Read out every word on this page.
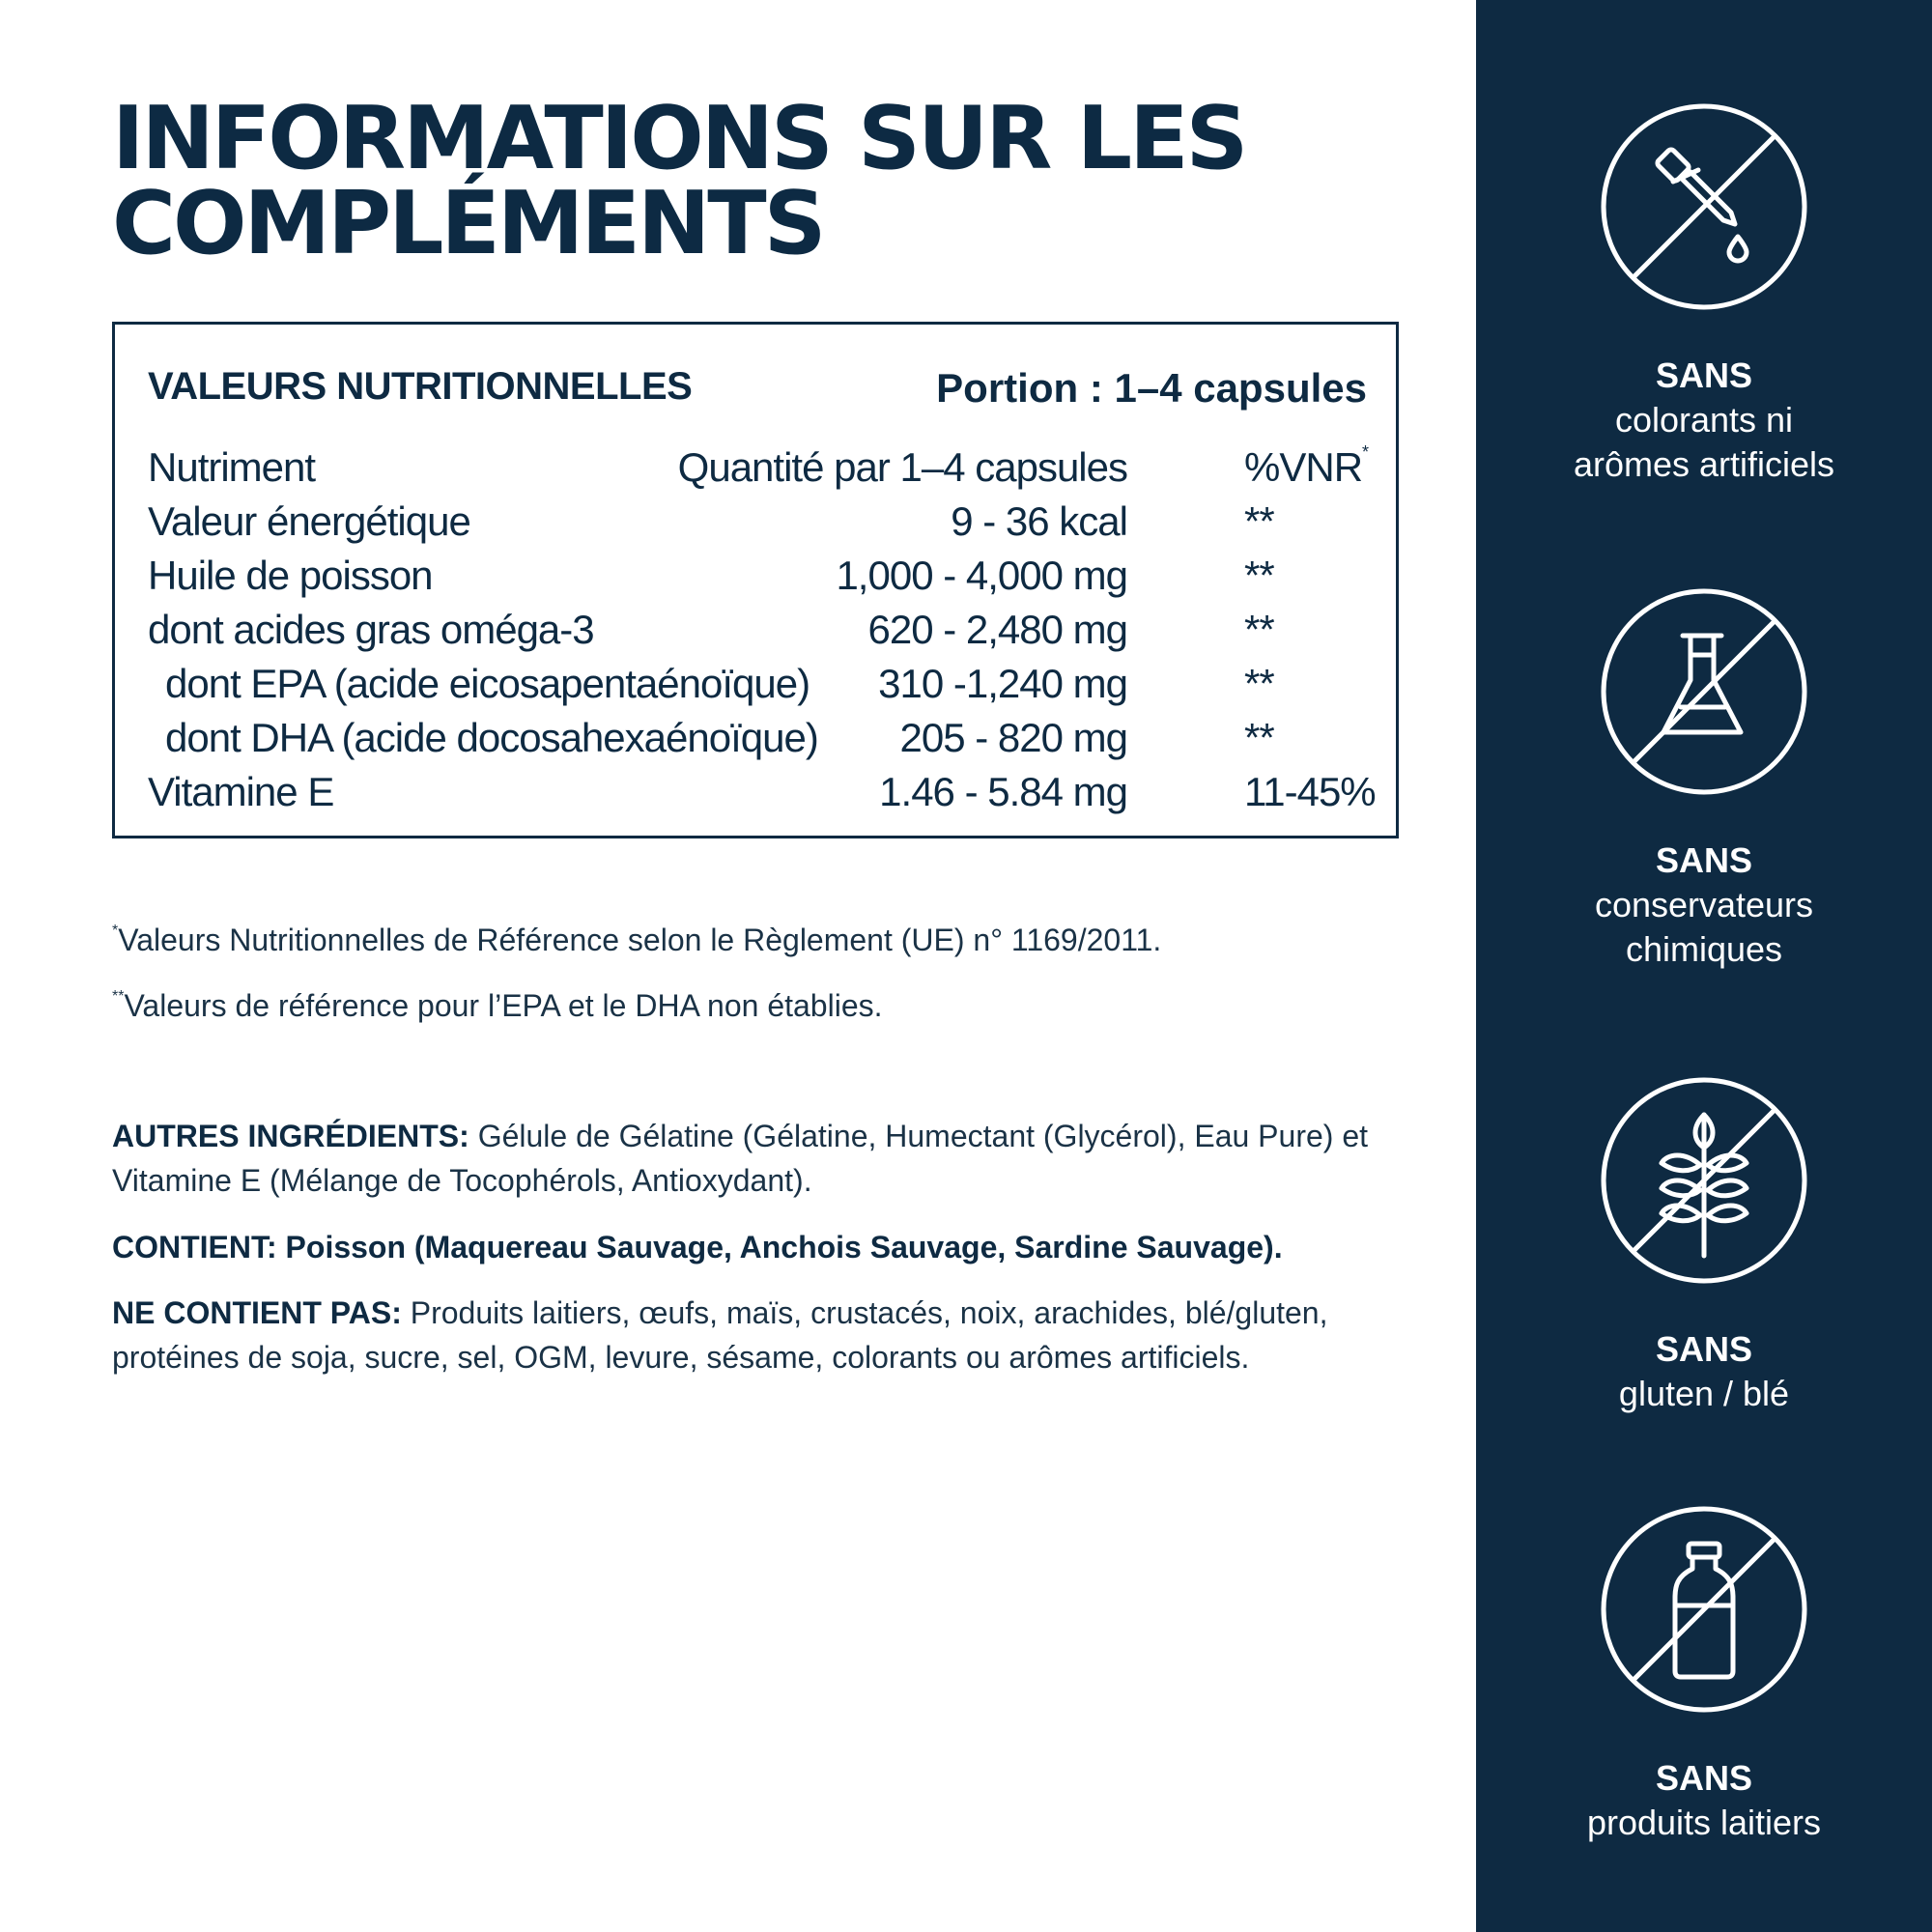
INFORMATIONS SUR LES
COMPLÉMENTS
VALEURS NUTRITIONNELLES	Portion : 1–4 capsules
Nutriment	Quantité par 1–4 capsules	%VNR*
Valeur énergétique	9 - 36 kcal	**
Huile de poisson	1,000 - 4,000 mg	**
dont acides gras oméga-3	620 - 2,480 mg	**
dont EPA (acide eicosapentaénoïque) 310 -1,240 mg	**
dont DHA (acide docosahexaénoïque) 205 - 820 mg	**
Vitamine E	1.46 - 5.84 mg	11-45%

*Valeurs Nutritionnelles de Référence selon le Règlement (UE) n° 1169/2011.

**Valeurs de référence pour l’EPA et le DHA non établies.

AUTRES INGRÉDIENTS: Gélule de Gélatine (Gélatine, Humectant (Glycérol), Eau Pure) et Vitamine E (Mélange de Tocophérols, Antioxydant).

CONTIENT: Poisson (Maquereau Sauvage, Anchois Sauvage, Sardine Sauvage).

NE CONTIENT PAS: Produits laitiers, œufs, maïs, crustacés, noix, arachides, blé/gluten, protéines de soja, sucre, sel, OGM, levure, sésame, colorants ou arômes artificiels.

SANS
colorants ni
arômes artificiels
SANS
conservateurs
chimiques
SANS
gluten / blé
SANS
produits laitiers
